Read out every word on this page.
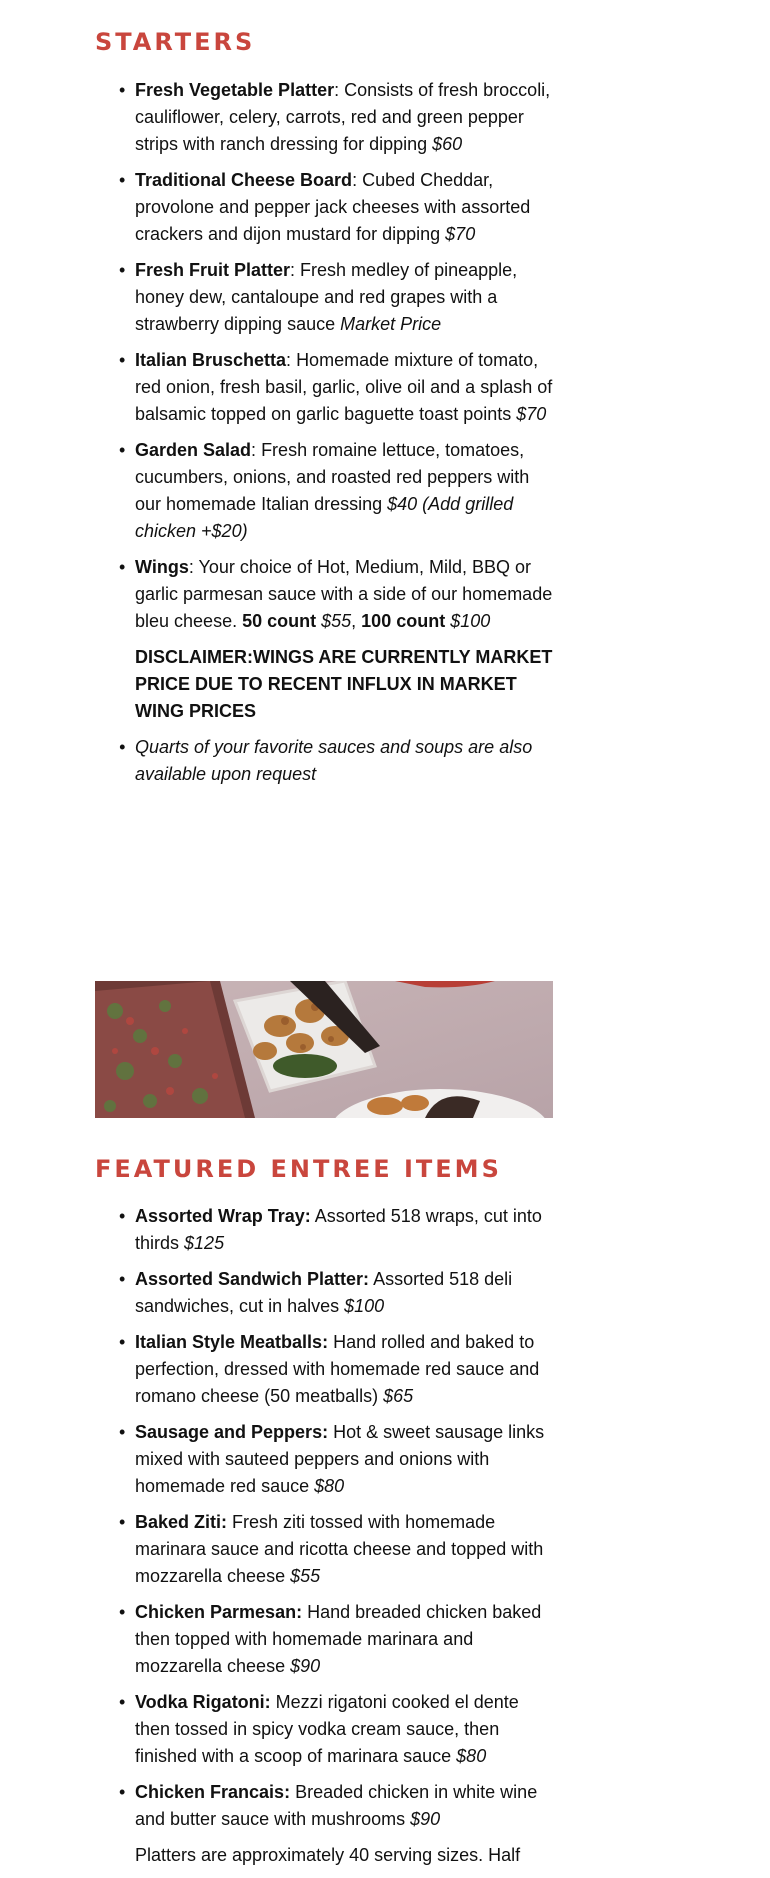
STARTERS
• Fresh Vegetable Platter: Consists of fresh broccoli, cauliflower, celery, carrots, red and green pepper strips with ranch dressing for dipping $60
• Traditional Cheese Board: Cubed Cheddar, provolone and pepper jack cheeses with assorted crackers and dijon mustard for dipping $70
• Fresh Fruit Platter: Fresh medley of pineapple, honey dew, cantaloupe and red grapes with a strawberry dipping sauce Market Price
• Italian Bruschetta: Homemade mixture of tomato, red onion, fresh basil, garlic, olive oil and a splash of balsamic topped on garlic baguette toast points $70
• Garden Salad: Fresh romaine lettuce, tomatoes, cucumbers, onions, and roasted red peppers with our homemade Italian dressing $40 (Add grilled chicken +$20)
• Wings: Your choice of Hot, Medium, Mild, BBQ or garlic parmesan sauce with a side of our homemade bleu cheese. 50 count $55, 100 count $100
DISCLAIMER:WINGS ARE CURRENTLY MARKET PRICE DUE TO RECENT INFLUX IN MARKET WING PRICES
• Quarts of your favorite sauces and soups are also available upon request
FEATURED ENTREE ITEMS
• Assorted Wrap Tray: Assorted 518 wraps, cut into thirds $125
• Assorted Sandwich Platter: Assorted 518 deli sandwiches, cut in halves $100
• Italian Style Meatballs: Hand rolled and baked to perfection, dressed with homemade red sauce and romano cheese (50 meatballs) $65
• Sausage and Peppers: Hot & sweet sausage links mixed with sauteed peppers and onions with homemade red sauce $80
• Baked Ziti: Fresh ziti tossed with homemade marinara sauce and ricotta cheese and topped with mozzarella cheese $55
• Chicken Parmesan: Hand breaded chicken baked then topped with homemade marinara and mozzarella cheese $90
• Vodka Rigatoni: Mezzi rigatoni cooked el dente then tossed in spicy vodka cream sauce, then finished with a scoop of marinara sauce $80
• Chicken Francais: Breaded chicken in white wine and butter sauce with mushrooms $90
Platters are approximately 40 serving sizes. Half
